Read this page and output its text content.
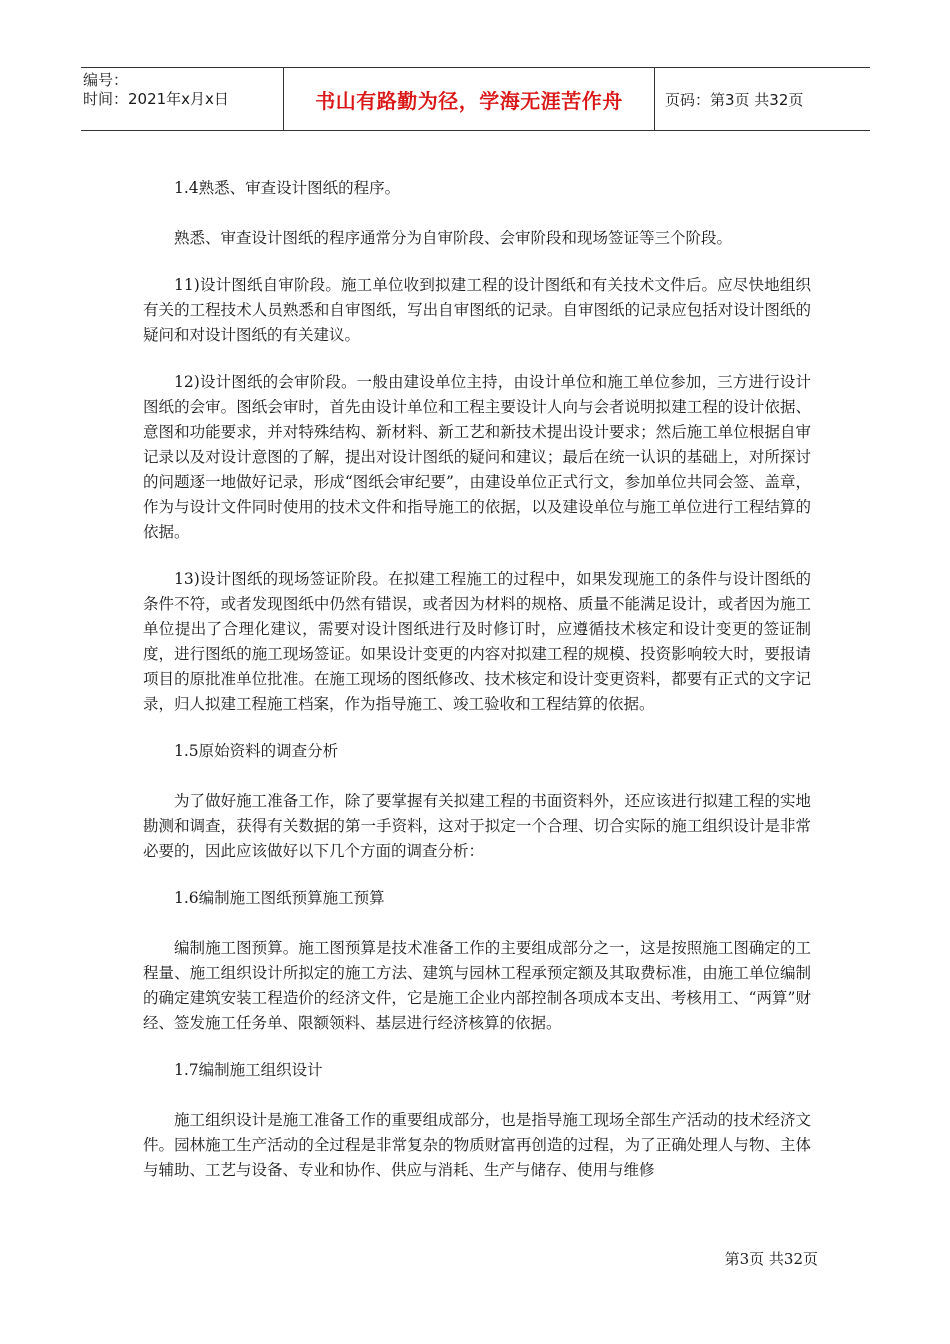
编号：
时间：2021年x月x日	书山有路勤为径，学海无涯苦作舟	页码：第3页 共32页

1.4熟悉、审查设计图纸的程序。

熟悉、审查设计图纸的程序通常分为自审阶段、会审阶段和现场签证等三个阶段。

11)设计图纸自审阶段。施工单位收到拟建工程的设计图纸和有关技术文件后。应尽快地组织有关的工程技术人员熟悉和自审图纸，写出自审图纸的记录。自审图纸的记录应包括对设计图纸的疑问和对设计图纸的有关建议。

12)设计图纸的会审阶段。一般由建设单位主持，由设计单位和施工单位参加，三方进行设计图纸的会审。图纸会审时，首先由设计单位和工程主要设计人向与会者说明拟建工程的设计依据、意图和功能要求，并对特殊结构、新材料、新工艺和新技术提出设计要求；然后施工单位根据自审记录以及对设计意图的了解，提出对设计图纸的疑问和建议；最后在统一认识的基础上，对所探讨的问题逐一地做好记录，形成“图纸会审纪要”，由建设单位正式行文，参加单位共同会签、盖章，作为与设计文件同时使用的技术文件和指导施工的依据，以及建设单位与施工单位进行工程结算的依据。

13)设计图纸的现场签证阶段。在拟建工程施工的过程中，如果发现施工的条件与设计图纸的条件不符，或者发现图纸中仍然有错误，或者因为材料的规格、质量不能满足设计，或者因为施工单位提出了合理化建议，需要对设计图纸进行及时修订时，应遵循技术核定和设计变更的签证制度，进行图纸的施工现场签证。如果设计变更的内容对拟建工程的规模、投资影响较大时，要报请项目的原批准单位批准。在施工现场的图纸修改、技术核定和设计变更资料，都要有正式的文字记录，归人拟建工程施工档案，作为指导施工、竣工验收和工程结算的依据。

1.5原始资料的调查分析

为了做好施工准备工作，除了要掌握有关拟建工程的书面资料外，还应该进行拟建工程的实地勘测和调查，获得有关数据的第一手资料，这对于拟定一个合理、切合实际的施工组织设计是非常必要的，因此应该做好以下几个方面的调查分析：

1.6编制施工图纸预算施工预算

编制施工图预算。施工图预算是技术准备工作的主要组成部分之一，这是按照施工图确定的工程量、施工组织设计所拟定的施工方法、建筑与园林工程承预定额及其取费标准，由施工单位编制的确定建筑安装工程造价的经济文件，它是施工企业内部控制各项成本支出、考核用工、“两算”财经、签发施工任务单、限额领料、基层进行经济核算的依据。

1.7编制施工组织设计

施工组织设计是施工准备工作的重要组成部分，也是指导施工现场全部生产活动的技术经济文件。园林施工生产活动的全过程是非常复杂的物质财富再创造的过程，为了正确处理人与物、主体与辅助、工艺与设备、专业和协作、供应与消耗、生产与储存、使用与维修

第3页 共32页
